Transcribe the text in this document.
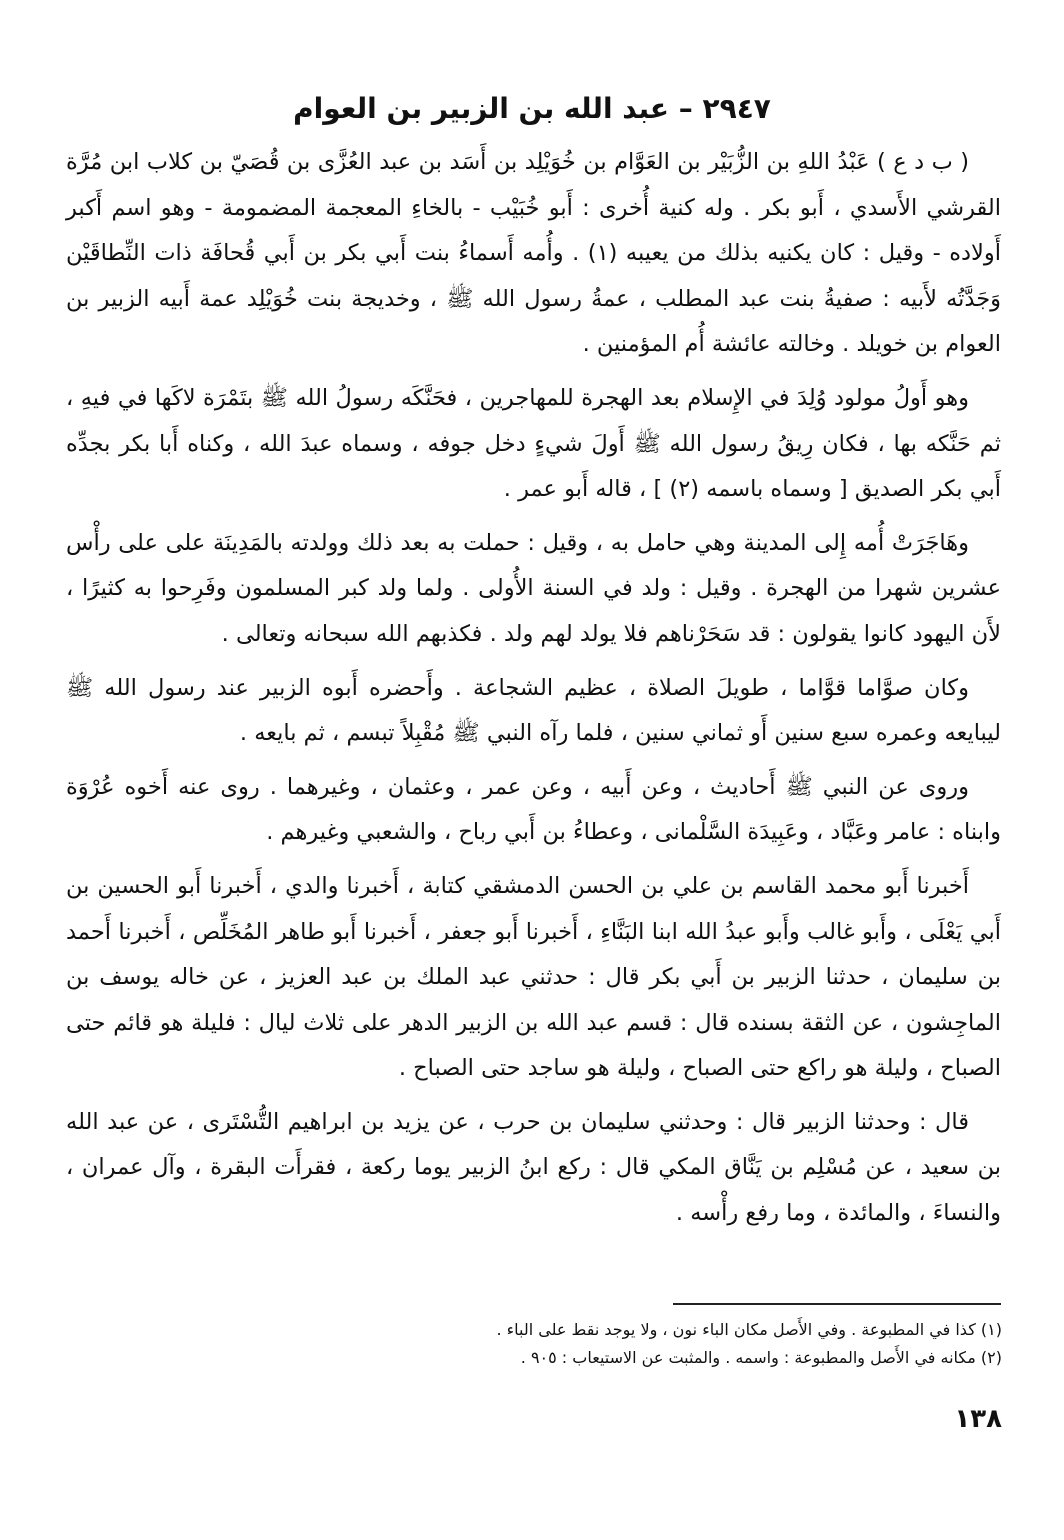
٢٩٤٧ – عبد الله بن الزبير بن العوام

( ب د ع ) عَبْدُ اللهِ بن الزُّبَيْر بن العَوَّام بن خُوَيْلِد بن أَسَد بن عبد العُزَّى بن قُصَيّ بن كلاب ابن مُرَّة القرشي الأَسدي ، أَبو بكر . وله كنية أُخرى : أَبو خُبَيْب - بالخاءِ المعجمة المضمومة - وهو اسم أَكبر أَولاده - وقيل : كان يكنيه بذلك من يعيبه (١) . وأُمه أَسماءُ بنت أَبي بكر بن أَبي قُحافَة ذات النِّطاقَيْن وَجَدَّتُه لأَبيه : صفيةُ بنت عبد المطلب ، عمةُ رسول الله ﷺ ، وخديجة بنت خُوَيْلِد عمة أَبيه الزبير بن العوام بن خويلد . وخالته عائشة أُم المؤمنين .

وهو أَولُ مولود وُلِدَ في الإِسلام بعد الهجرة للمهاجرين ، فحَنَّكَه رسولُ الله ﷺ بتَمْرَة لاكَها في فيهِ ، ثم حَنَّكه بها ، فكان رِيقُ رسول الله ﷺ أَولَ شيءٍ دخل جوفه ، وسماه عبدَ الله ، وكناه أَبا بكر بجدِّه أَبي بكر الصديق [ وسماه باسمه (٢) ] ، قاله أَبو عمر .

وهَاجَرَتْ أُمه إِلى المدينة وهي حامل به ، وقيل : حملت به بعد ذلك وولدته بالمَدِينَة على على رأْس عشرين شهرا من الهجرة . وقيل : ولد في السنة الأُولى . ولما ولد كبر المسلمون وفَرِحوا به كثيرًا ، لأَن اليهود كانوا يقولون : قد سَحَرْناهم فلا يولد لهم ولد . فكذبهم الله سبحانه وتعالى .

وكان صوَّاما قوَّاما ، طويلَ الصلاة ، عظيم الشجاعة . وأَحضره أَبوه الزبير عند رسول الله ﷺ ليبايعه وعمره سبع سنين أَو ثماني سنين ، فلما رآه النبي ﷺ مُقْبِلاً تبسم ، ثم بايعه .

وروى عن النبي ﷺ أَحاديث ، وعن أَبيه ، وعن عمر ، وعثمان ، وغيرهما . روى عنه أَخوه عُرْوَة وابناه : عامر وعَبَّاد ، وعَبِيدَة السَّلْمانى ، وعطاءُ بن أَبي رباح ، والشعبي وغيرهم .

أَخبرنا أَبو محمد القاسم بن علي بن الحسن الدمشقي كتابة ، أَخبرنا والدي ، أَخبرنا أَبو الحسين بن أَبي يَعْلَى ، وأَبو غالب وأَبو عبدُ الله ابنا البَنَّاءِ ، أَخبرنا أَبو جعفر ، أَخبرنا أَبو طاهر المُخَلِّص ، أَخبرنا أَحمد بن سليمان ، حدثنا الزبير بن أَبي بكر قال : حدثني عبد الملك بن عبد العزيز ، عن خاله يوسف بن الماجِشون ، عن الثقة بسنده قال : قسم عبد الله بن الزبير الدهر على ثلاث ليال : فليلة هو قائم حتى الصباح ، وليلة هو راكع حتى الصباح ، وليلة هو ساجد حتى الصباح .

قال : وحدثنا الزبير قال : وحدثني سليمان بن حرب ، عن يزيد بن ابراهيم التُّسْتَرى ، عن عبد الله بن سعيد ، عن مُسْلِم بن يَنَّاق المكي قال : ركع ابنُ الزبير يوما ركعة ، فقرأَت البقرة ، وآل عمران ، والنساءَ ، والمائدة ، وما رفع رأْسه .

(١) كذا في المطبوعة . وفي الأَصل مكان الباء نون ، ولا يوجد نقط على الباء .
(٢) مكانه في الأَصل والمطبوعة : واسمه . والمثبت عن الاستيعاب : ٩٠٥ .
١٣٨
